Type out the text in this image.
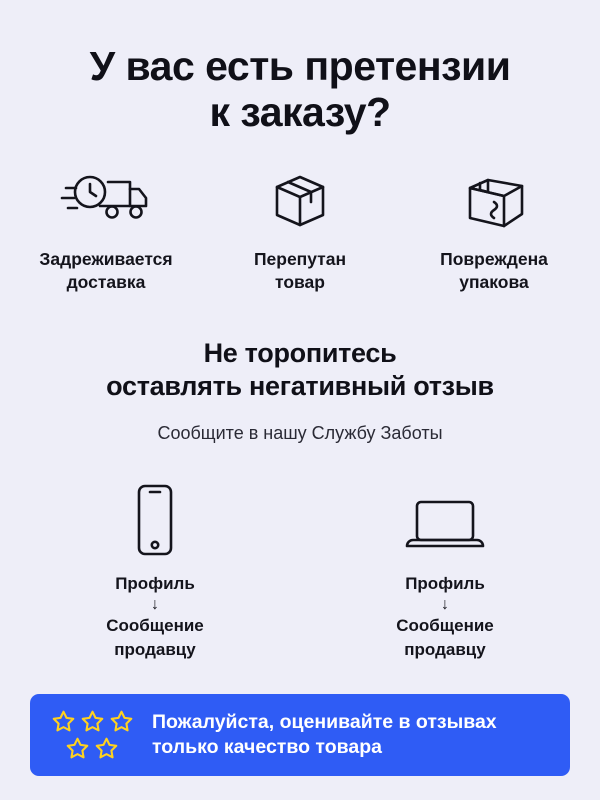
У вас есть претензии
к заказу?
Задреживается
доставка
Перепутан
товар
Повреждена
упакова
Не торопитесь
оставлять негативный отзыв
Сообщите в нашу Службу Заботы
Профиль
↓
Сообщение
продавцу
Профиль
↓
Сообщение
продавцу
Пожалуйста, оценивайте в отзывах
только качество товара
